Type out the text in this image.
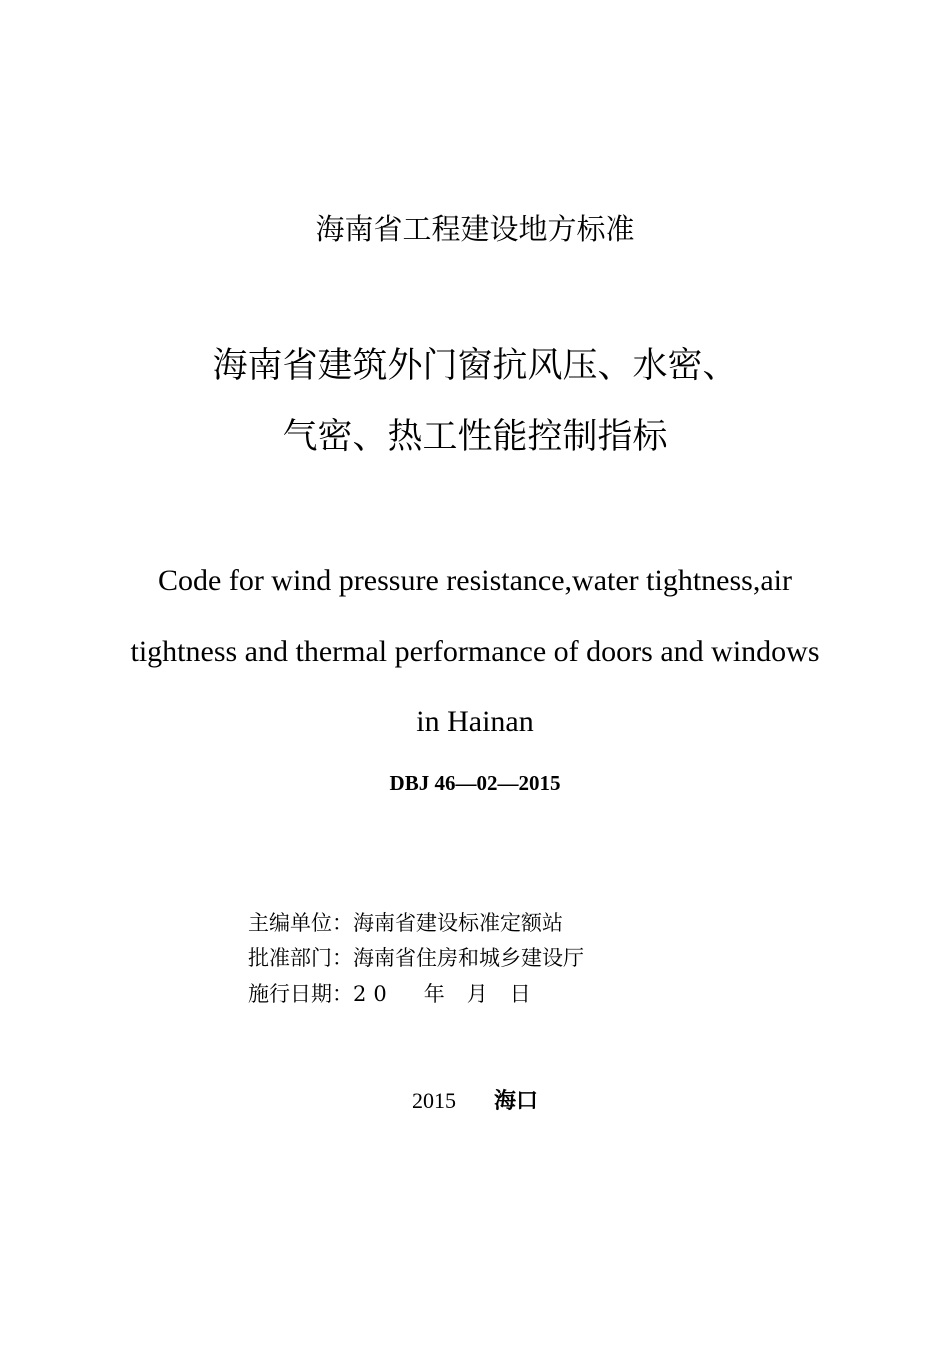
海南省工程建设地方标准
海南省建筑外门窗抗风压、水密、
气密、热工性能控制指标
Code for wind pressure resistance,water tightness,air
tightness and thermal performance of doors and windows
in Hainan
DBJ 46—02—2015
主编单位：海南省建设标准定额站
批准部门：海南省住房和城乡建设厅
施行日期：20 年 月 日
2015 海口
